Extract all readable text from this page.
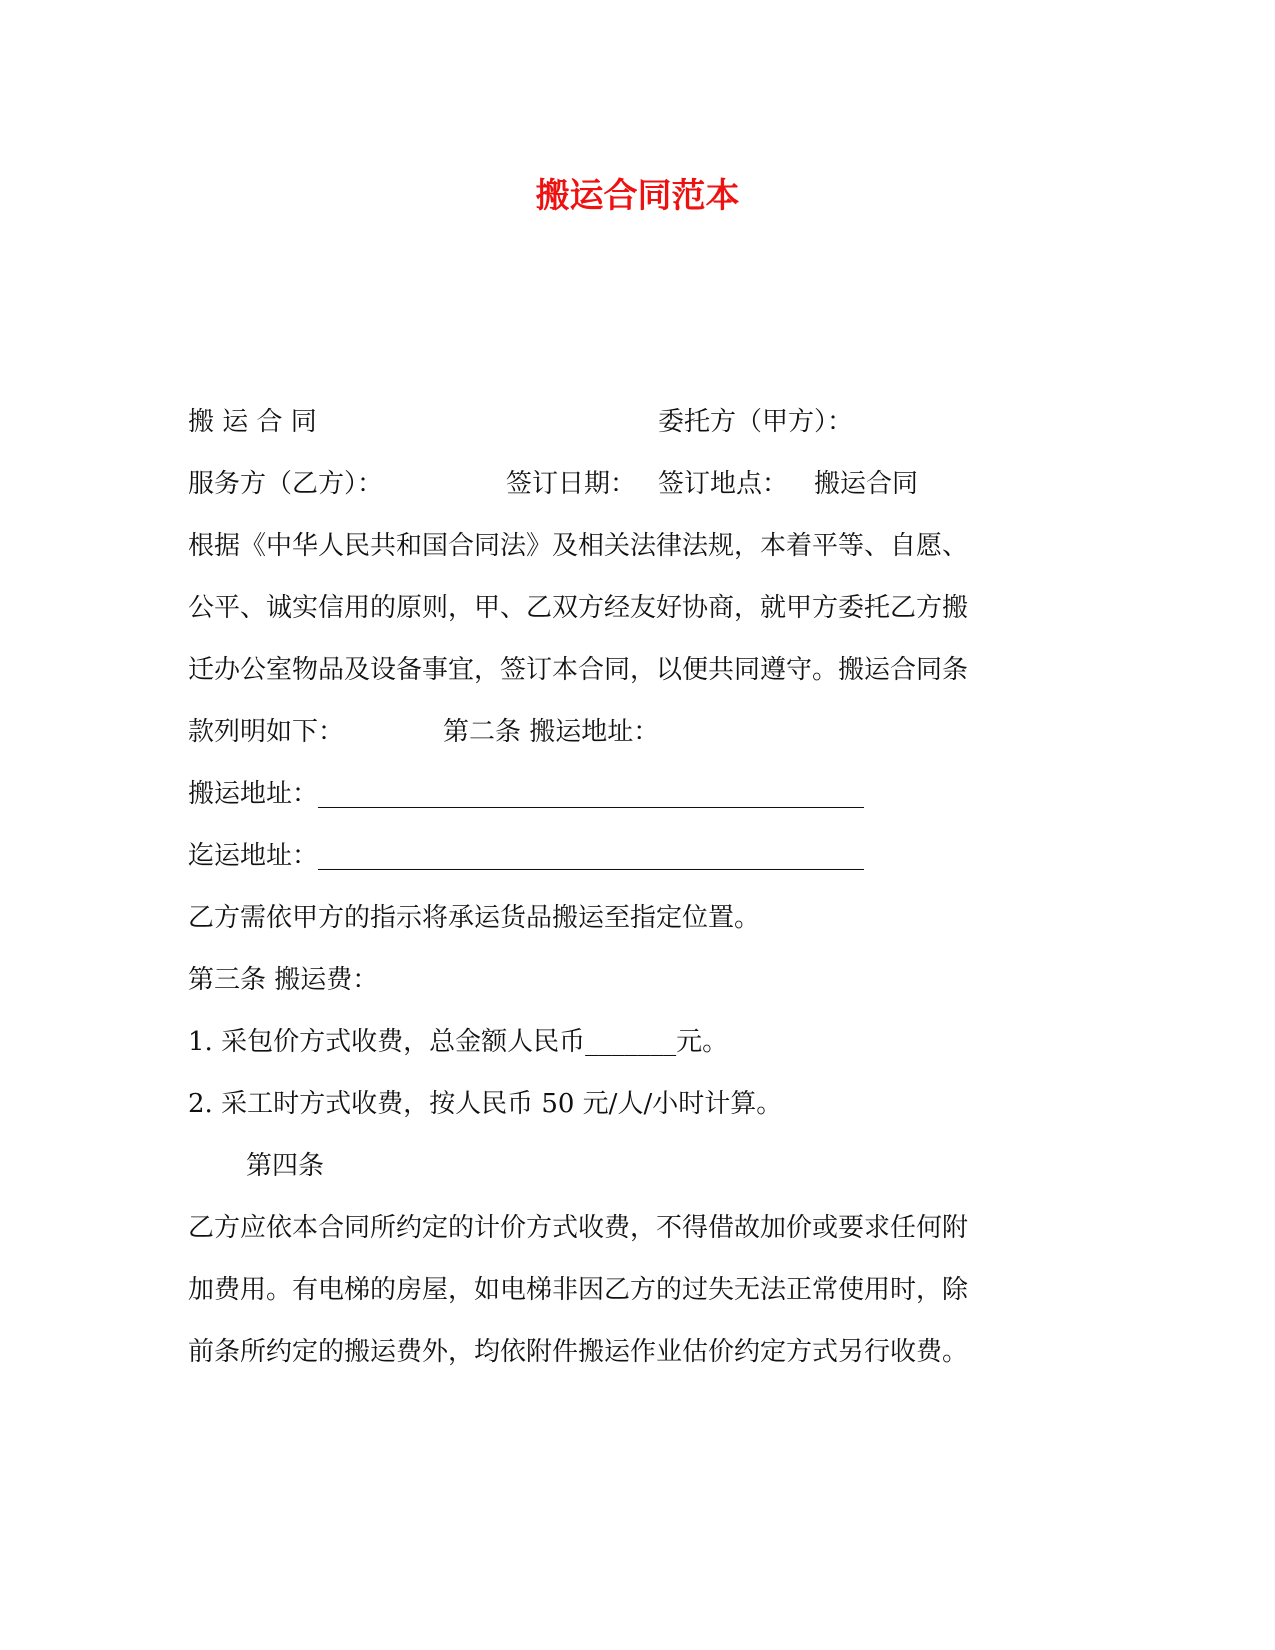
搬运合同范本
搬 运 合 同	委托方（甲方）：
服务方（乙方）：	签订日期： 签订地点： 搬运合同
根据《中华人民共和国合同法》及相关法律法规，本着平等、自愿、
公平、诚实信用的原则，甲、乙双方经友好协商，就甲方委托乙方搬
迁办公室物品及设备事宜，签订本合同，以便共同遵守。搬运合同条
款列明如下：	第二条 搬运地址：
搬运地址：__________________________________________
迄运地址：__________________________________________
乙方需依甲方的指示将承运货品搬运至指定位置。
第三条 搬运费：
1. 采包价方式收费，总金额人民币_______元。
2. 采工时方式收费，按人民币 50 元/人/小时计算。
第四条
乙方应依本合同所约定的计价方式收费，不得借故加价或要求任何附
加费用。有电梯的房屋，如电梯非因乙方的过失无法正常使用时，除
前条所约定的搬运费外，均依附件搬运作业估价约定方式另行收费。
